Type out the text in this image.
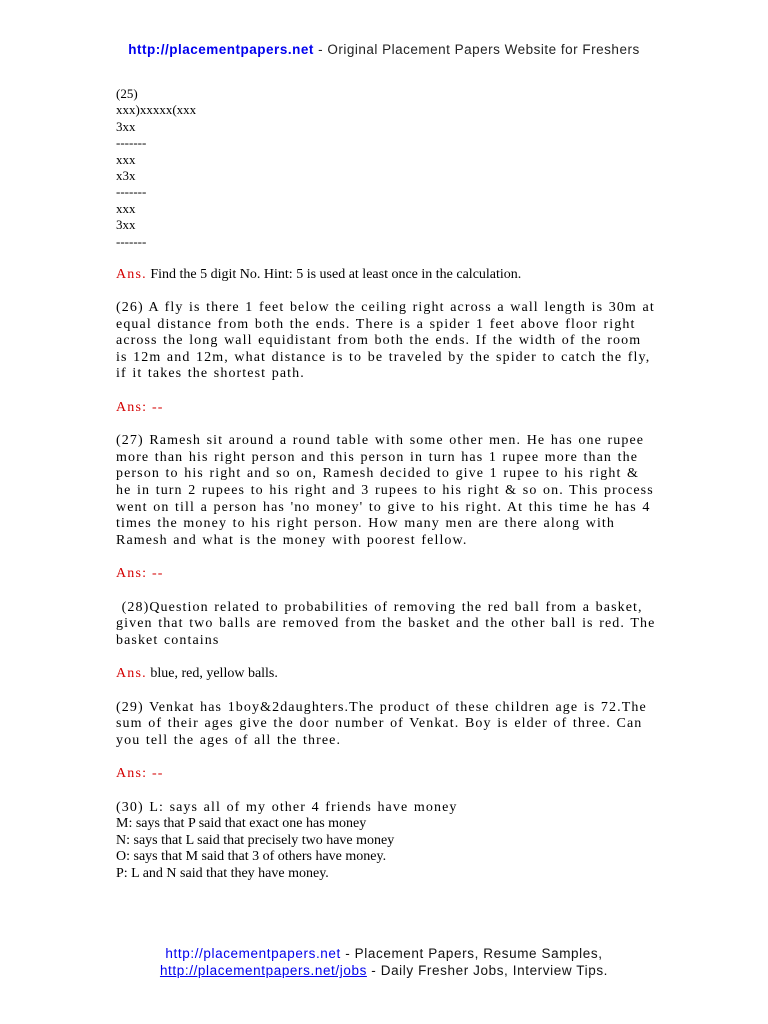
http://placementpapers.net - Original Placement Papers Website for Freshers
(25)
xxx)xxxxx(xxx
3xx
-------
xxx
x3x
-------
xxx
3xx
-------

Ans. Find the 5 digit No. Hint: 5 is used at least once in the calculation.

(26) A fly is there 1 feet below the ceiling right across a wall length is 30m at equal distance from both the ends. There is a spider 1 feet above floor right across the long wall equidistant from both the ends. If the width of the room is 12m and 12m, what distance is to be traveled by the spider to catch the fly, if it takes the shortest path.

Ans: --

(27) Ramesh sit around a round table with some other men. He has one rupee more than his right person and this person in turn has 1 rupee more than the person to his right and so on, Ramesh decided to give 1 rupee to his right & he in turn 2 rupees to his right and 3 rupees to his right & so on. This process went on till a person has 'no money' to give to his right. At this time he has 4 times the money to his right person. How many men are there along with Ramesh and what is the money with poorest fellow.

Ans: --

(28)Question related to probabilities of removing the red ball from a basket, given that two balls are removed from the basket and the other ball is red. The basket contains

Ans. blue, red, yellow balls.

(29) Venkat has 1boy&2daughters.The product of these children age is 72.The sum of their ages give the door number of Venkat. Boy is elder of three. Can you tell the ages of all the three.

Ans: --

(30) L: says all of my other 4 friends have money

M: says that P said that exact one has money

N: says that L said that precisely two have money

O: says that M said that 3 of others have money.

P: L and N said that they have money.

http://placementpapers.net - Placement Papers, Resume Samples,
http://placementpapers.net/jobs - Daily Fresher Jobs, Interview Tips.
